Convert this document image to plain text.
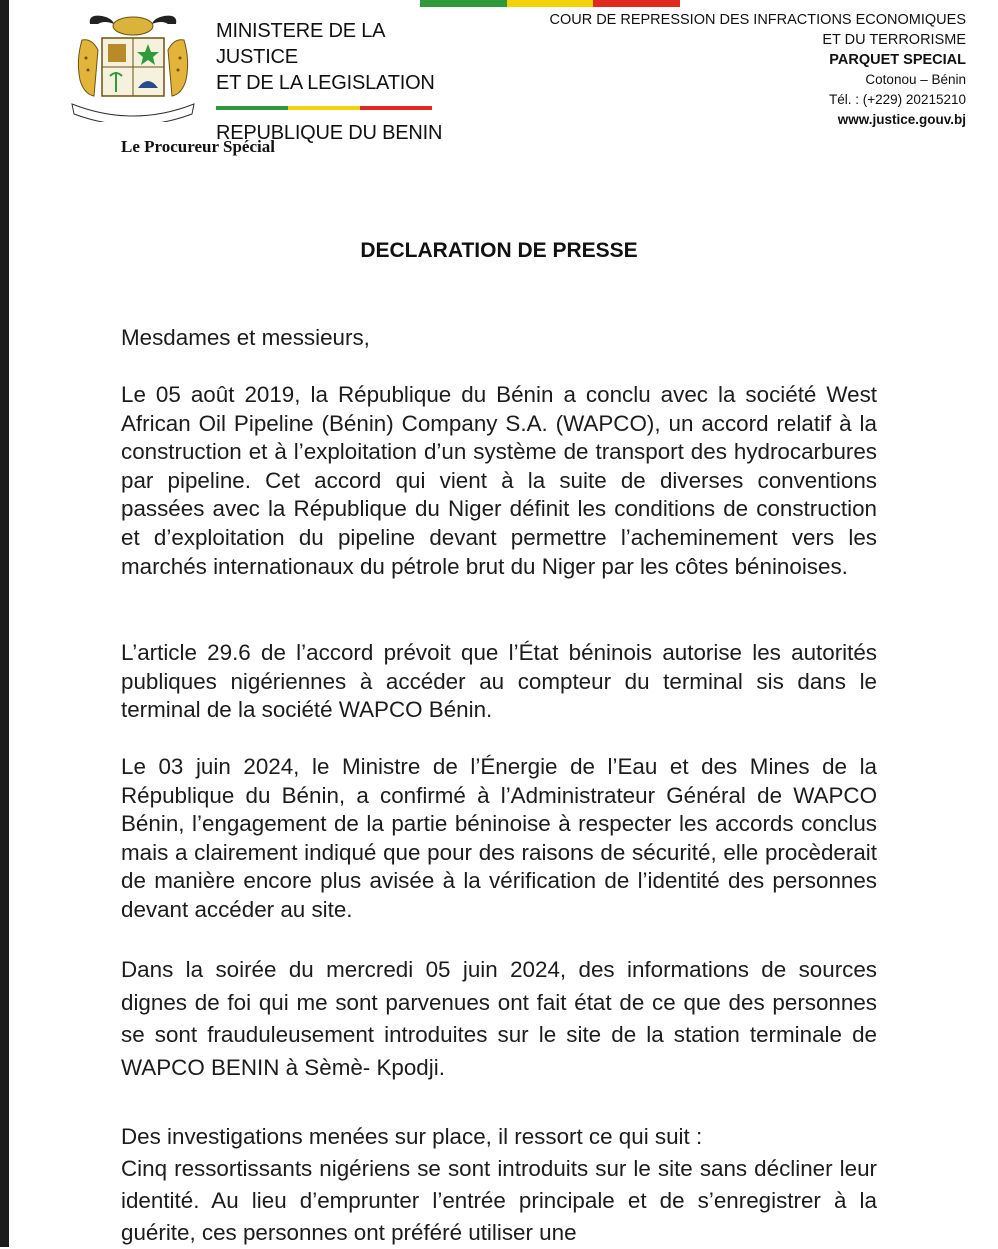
MINISTERE DE LA JUSTICE
ET DE LA LEGISLATION
REPUBLIQUE DU BENIN
COUR DE REPRESSION DES INFRACTIONS ECONOMIQUES
ET DU TERRORISME
PARQUET SPECIAL
Cotonou – Bénin
Tél. : (+229) 20215210
www.justice.gouv.bj
Le Procureur Spécial
DECLARATION DE PRESSE

Mesdames et messieurs,

Le 05 août 2019, la République du Bénin a conclu avec la société West African Oil Pipeline (Bénin) Company S.A. (WAPCO), un accord relatif à la construction et à l’exploitation d’un système de transport des hydrocarbures par pipeline. Cet accord qui vient à la suite de diverses conventions passées avec la République du Niger définit les conditions de construction et d’exploitation du pipeline devant permettre l’acheminement vers les marchés internationaux du pétrole brut du Niger par les côtes béninoises.

L’article 29.6 de l’accord prévoit que l’État béninois autorise les autorités publiques nigériennes à accéder au compteur du terminal sis dans le terminal de la société WAPCO Bénin.

Le 03 juin 2024, le Ministre de l’Énergie de l’Eau et des Mines de la République du Bénin, a confirmé à l’Administrateur Général de WAPCO Bénin, l’engagement de la partie béninoise à respecter les accords conclus mais a clairement indiqué que pour des raisons de sécurité, elle procèderait de manière encore plus avisée à la vérification de l’identité des personnes devant accéder au site.

Dans la soirée du mercredi 05 juin 2024, des informations de sources dignes de foi qui me sont parvenues ont fait état de ce que des personnes se sont frauduleusement introduites sur le site de la station terminale de WAPCO BENIN à Sèmè- Kpodji.

Des investigations menées sur place, il ressort ce qui suit :

Cinq ressortissants nigériens se sont introduits sur le site sans décliner leur identité. Au lieu d’emprunter l’entrée principale et de s’enregistrer à la guérite, ces personnes ont préféré utiliser une
